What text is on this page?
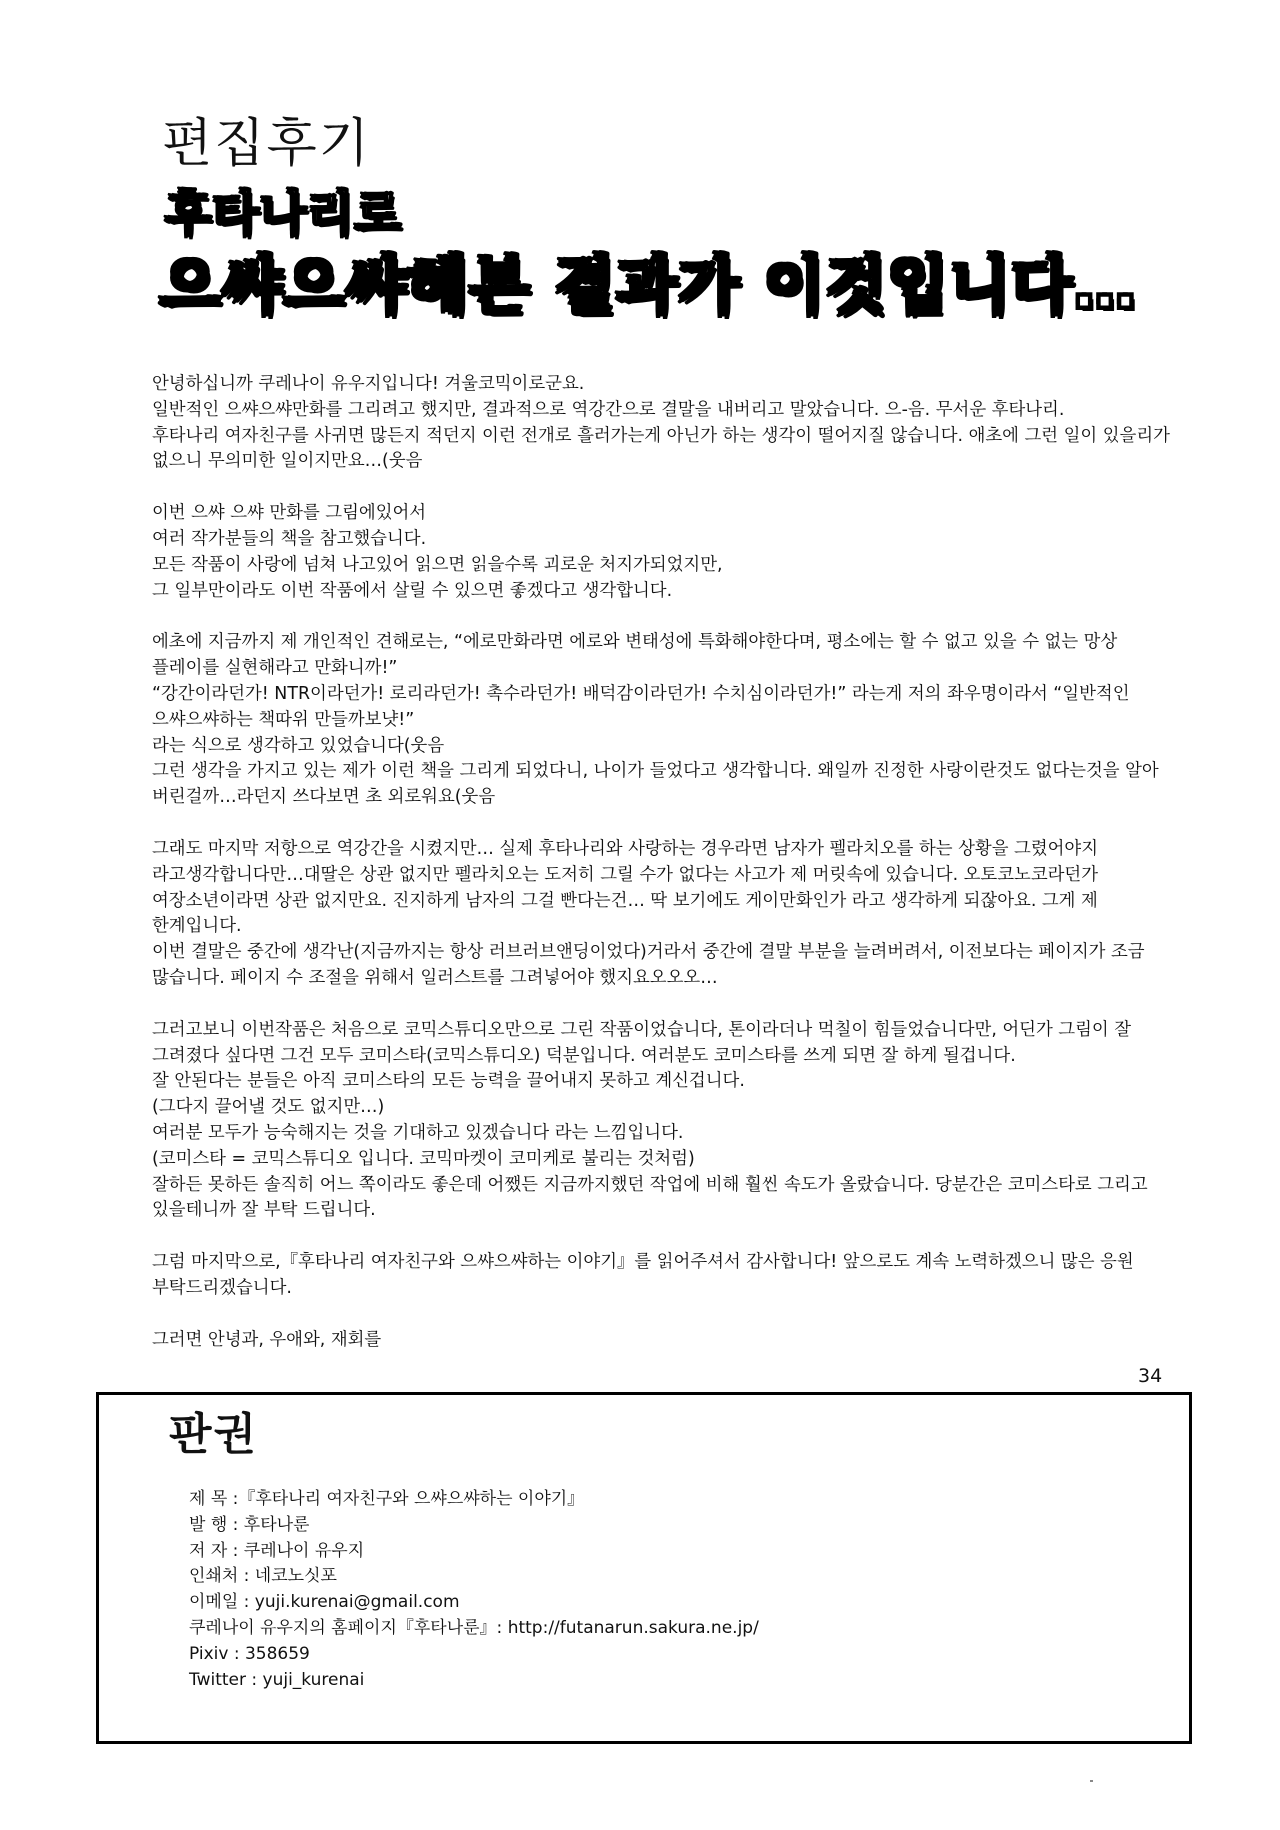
편집후기
후타나리로
으쌰으쌰해본 결과가 이것입니다…

안녕하십니까 쿠레나이 유우지입니다! 겨울코믹이로군요.
일반적인 으쌰으쌰만화를 그리려고 했지만, 결과적으로 역강간으로 결말을 내버리고 말았습니다. 으-음. 무서운 후타나리.
후타나리 여자친구를 사귀면 많든지 적던지 이런 전개로 흘러가는게 아닌가 하는 생각이 떨어지질 않습니다. 애초에 그런 일이 있을리가 없으니 무의미한 일이지만요…(웃음

이번 으쌰 으쌰 만화를 그림에있어서
여러 작가분들의 책을 참고했습니다.
모든 작품이 사랑에 넘쳐 나고있어 읽으면 읽을수록 괴로운 처지가되었지만,
그 일부만이라도 이번 작품에서 살릴 수 있으면 좋겠다고 생각합니다.

에초에 지금까지 제 개인적인 견해로는, “에로만화라면 에로와 변태성에 특화해야한다며, 평소에는 할 수 없고 있을 수 없는 망상 플레이를 실현해라고 만화니까!”
“강간이라던가! NTR이라던가! 로리라던가! 촉수라던가! 배덕감이라던가! 수치심이라던가!” 라는게 저의 좌우명이라서 “일반적인 으쌰으쌰하는 책따위 만들까보냣!”
라는 식으로 생각하고 있었습니다(웃음
그런 생각을 가지고 있는 제가 이런 책을 그리게 되었다니, 나이가 들었다고 생각합니다. 왜일까 진정한 사랑이란것도 없다는것을 알아 버린걸까…라던지 쓰다보면 초 외로워요(웃음

그래도 마지막 저항으로 역강간을 시켰지만… 실제 후타나리와 사랑하는 경우라면 남자가 펠라치오를 하는 상황을 그렸어야지 라고생각합니다만…대딸은 상관 없지만 펠라치오는 도저히 그릴 수가 없다는 사고가 제 머릿속에 있습니다. 오토코노코라던가 여장소년이라면 상관 없지만요. 진지하게 남자의 그걸 빤다는건… 딱 보기에도 게이만화인가 라고 생각하게 되잖아요. 그게 제 한계입니다.
이번 결말은 중간에 생각난(지금까지는 항상 러브러브앤딩이었다)거라서 중간에 결말 부분을 늘려버려서, 이전보다는 페이지가 조금 많습니다. 페이지 수 조절을 위해서 일러스트를 그려넣어야 했지요오오오…

그러고보니 이번작품은 처음으로 코믹스튜디오만으로 그린 작품이었습니다, 톤이라더나 먹칠이 힘들었습니다만, 어딘가 그림이 잘 그려졌다 싶다면 그건 모두 코미스타(코믹스튜디오) 덕분입니다. 여러분도 코미스타를 쓰게 되면 잘 하게 될겁니다.
잘 안된다는 분들은 아직 코미스타의 모든 능력을 끌어내지 못하고 계신겁니다.
(그다지 끌어낼 것도 없지만…)
여러분 모두가 능숙해지는 것을 기대하고 있겠습니다 라는 느낌입니다.
(코미스타 = 코믹스튜디오 입니다. 코믹마켓이 코미케로 불리는 것처럼)
잘하든 못하든 솔직히 어느 쪽이라도 좋은데 어쨌든 지금까지했던 작업에 비해 훨씬 속도가 올랐습니다. 당분간은 코미스타로 그리고 있을테니까 잘 부탁 드립니다.

그럼 마지막으로,『후타나리 여자친구와 으쌰으쌰하는 이야기』를 읽어주셔서 감사합니다! 앞으로도 계속 노력하겠으니 많은 응원 부탁드리겠습니다.

그러면 안녕과, 우애와, 재회를

34
판권
제 목 :『후타나리 여자친구와 으쌰으쌰하는 이야기』
발 행 : 후타나룬
저 자 : 쿠레나이 유우지
인쇄처 : 네코노싯포
이메일 : yuji.kurenai@gmail.com
쿠레나이 유우지의 홈페이지『후타나룬』: http://futanarun.sakura.ne.jp/
Pixiv : 358659
Twitter : yuji_kurenai
